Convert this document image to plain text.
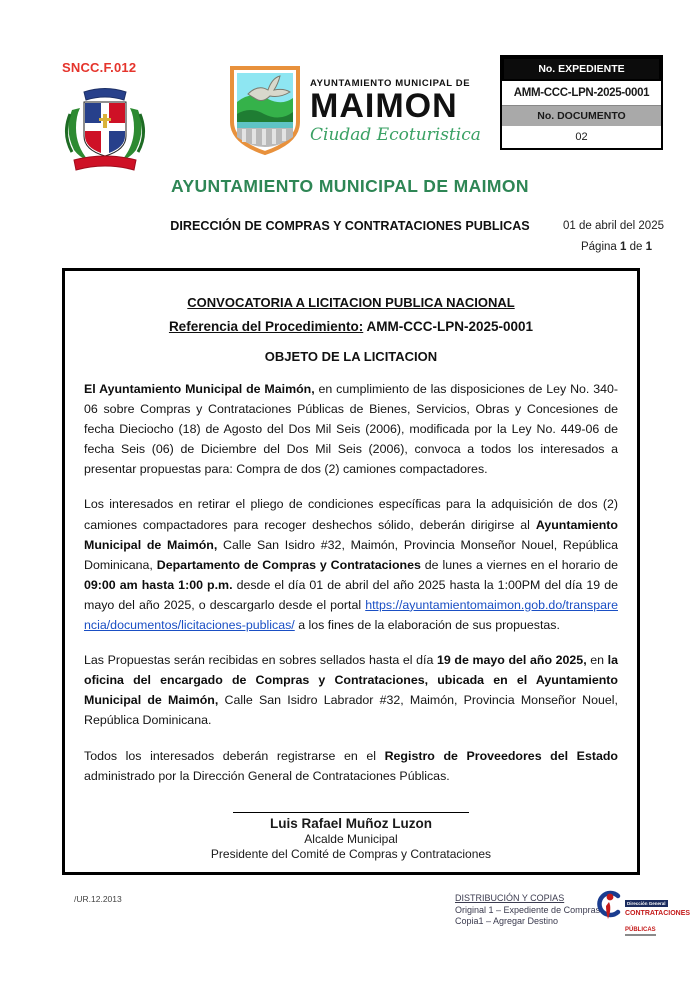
SNCC.F.012
AYUNTAMIENTO MUNICIPAL DE
MAIMON
Ciudad Ecoturistica
No. EXPEDIENTE
AMM-CCC-LPN-2025-0001
No. DOCUMENTO
02
AYUNTAMIENTO MUNICIPAL DE MAIMON
DIRECCIÓN DE COMPRAS Y CONTRATACIONES PUBLICAS	01 de abril del 2025
Página 1 de 1
CONVOCATORIA A LICITACION PUBLICA NACIONAL
Referencia del Procedimiento: AMM-CCC-LPN-2025-0001
OBJETO DE LA LICITACION

El Ayuntamiento Municipal de Maimón, en cumplimiento de las disposiciones de Ley No. 340-06 sobre Compras y Contrataciones Públicas de Bienes, Servicios, Obras y Concesiones de fecha Dieciocho (18) de Agosto del Dos Mil Seis (2006), modificada por la Ley No. 449-06 de fecha Seis (06) de Diciembre del Dos Mil Seis (2006), convoca a todos los interesados a presentar propuestas para: Compra de dos (2) camiones compactadores.

Los interesados en retirar el pliego de condiciones específicas para la adquisición de dos (2) camiones compactadores para recoger deshechos sólido, deberán dirigirse al Ayuntamiento Municipal de Maimón, Calle San Isidro #32, Maimón, Provincia Monseñor Nouel, República Dominicana, Departamento de Compras y Contrataciones de lunes a viernes en el horario de 09:00 am hasta 1:00 p.m. desde el día 01 de abril del año 2025 hasta la 1:00PM del día 19 de mayo del año 2025, o descargarlo desde el portal https://ayuntamientomaimon.gob.do/transparencia/documentos/licitaciones-publicas/ a los fines de la elaboración de sus propuestas.

Las Propuestas serán recibidas en sobres sellados hasta el día 19 de mayo del año 2025, en la oficina del encargado de Compras y Contrataciones, ubicada en el Ayuntamiento Municipal de Maimón, Calle San Isidro Labrador #32, Maimón, Provincia Monseñor Nouel, República Dominicana.

Todos los interesados deberán registrarse en el Registro de Proveedores del Estado administrado por la Dirección General de Contrataciones Públicas.

Luis Rafael Muñoz Luzon
Alcalde Municipal
Presidente del Comité de Compras y Contrataciones
/UR.12.2013	DISTRIBUCIÓN Y COPIAS
Original 1 – Expediente de Compras
Copia1 – Agregar Destino
Dirección General
CONTRATACIONES
PÚBLICAS
